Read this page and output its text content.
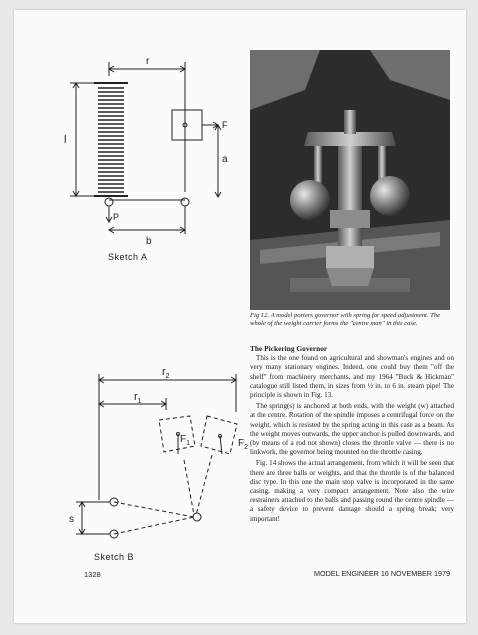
r
l
F
a
P
b
Sketch A
Fig 12. A model porters governor with spring for speed adjustment. The whole of the weight carrier forms the "centre man" in this case.
The Pickering Governor

This is the one found on agricultural and showman's engines and on very many stationary engines. Indeed, one could buy them "off the shelf" from machinery merchants, and my 1964 "Buck & Hickman" catalogue still listed them, in sizes from ½ in. to 6 in. steam pipe! The principle is shown in Fig. 13.

The spring(s) is anchored at both ends, with the weight (w) attached at the centre. Rotation of the spindle imposes a centrifugal force on the weight, which is resisted by the spring acting in this case as a beam. As the weight moves outwards, the upper anchor is pulled downwards, and (by means of a rod not shown) closes the throttle valve — there is no linkwork, the governor being mounted on the throttle casing.

Fig. 14 shows the actual arrangement, from which it will be seen that there are three balls or weights, and that the throttle is of the balanced disc type. In this one the main stop valve is incorporated in the same casing, making a very compact arrangement. Note also the wire restrainers attached to the balls and passing round the centre spindle — a safety device to prevent damage should a spring break; very important!

$r_2$
$r_1$
$F_1$	$F_2$
s
Sketch B
1328	MODEL ENGINEER 16 NOVEMBER 1979
